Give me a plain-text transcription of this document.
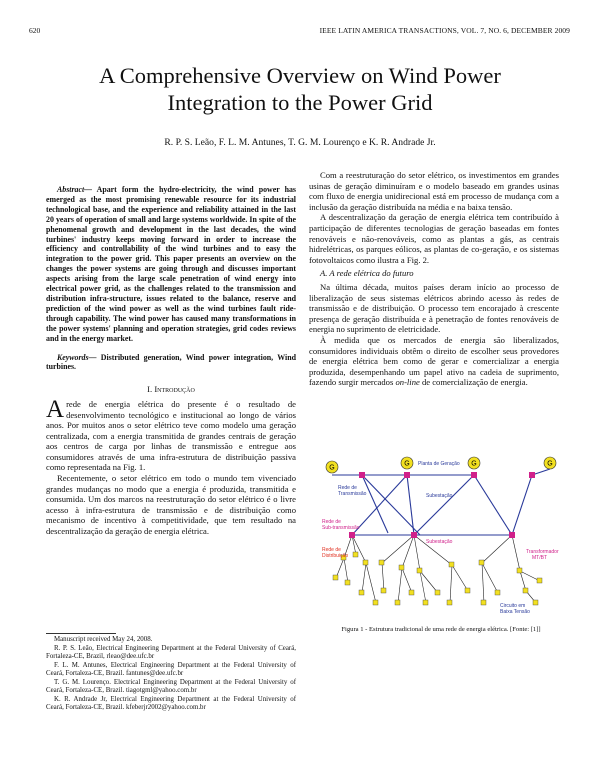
620	IEEE LATIN AMERICA TRANSACTIONS, VOL. 7, NO. 6, DECEMBER 2009
A Comprehensive Overview on Wind Power
Integration to the Power Grid
R. P. S. Leão, F. L. M. Antunes, T. G. M. Lourenço e K. R. Andrade Jr.

Abstract— Apart form the hydro-electricity, the wind power has emerged as the most promising renewable resource for its industrial technological base, and the experience and reliability attained in the last 20 years of operation of small and large systems worldwide. In spite of the phenomenal growth and development in the last decades, the wind turbines' industry keeps moving forward in order to increase the efficiency and controllability of the wind turbines and to easy the integration to the power grid. This paper presents an overview on the changes the power systems are going through and discusses important aspects arising from the large scale penetration of wind energy into electrical power grid, as the challenges related to the transmission and distribution infra-structure, issues related to the balance, reserve and prediction of the wind power as well as the wind turbines fault ride-through capability. The wind power has caused many transformations in the power systems' planning and operation strategies, grid codes reviews and in the energy market.

Keywords— Distributed generation, Wind power integration, Wind turbines.

I. Introdução

Arede de energia elétrica do presente é o resultado de desenvolvimento tecnológico e institucional ao longo de vários anos. Por muitos anos o setor elétrico teve como modelo uma geração centralizada, com a energia transmitida de grandes centrais de geração aos centros de carga por linhas de transmissão e entregue aos consumidores através de uma infra-estrutura de distribuição passiva como representada na Fig. 1.

Recentemente, o setor elétrico em todo o mundo tem vivenciado grandes mudanças no modo que a energia é produzida, transmitida e consumida. Um dos marcos na reestruturação do setor elétrico é o livre acesso à infra-estrutura de transmissão e de distribuição como mecanismo de incentivo à competitividade, que tem resultado na descentralização da geração de energia elétrica.

Manuscript received May 24, 2008.

R. P. S. Leão, Electrical Engineering Department at the Federal University of Ceará, Fortaleza-CE, Brazil, rleao@dee.ufc.br

F. L. M. Antunes, Electrical Engineering Department at the Federal University of Ceará, Fortaleza-CE, Brazil. fantunes@dee.ufc.br

T. G. M. Lourenço. Electrical Engineering Department at the Federal University of Ceará, Fortaleza-CE, Brazil. tiagotgml@yahoo.com.br

K. R. Andrade Jr, Electrical Engineering Department at the Federal University of Ceará, Fortaleza-CE, Brazil. kfeberjr2002@yahoo.com.br

Com a reestruturação do setor elétrico, os investimentos em grandes usinas de geração diminuíram e o modelo baseado em grandes usinas com fluxo de energia unidirecional está em processo de mudança com a inclusão da geração distribuída na média e na baixa tensão.

A descentralização da geração de energia elétrica tem contribuído à participação de diferentes tecnologias de geração baseadas em fontes renováveis e não-renováveis, como as plantas a gás, as centrais hidrelétricas, os parques eólicos, as plantas de co-geração, e os sistemas fotovoltaicos como ilustra a Fig. 2.

A. A rede elétrica do futuro

Na última década, muitos países deram início ao processo de liberalização de seus sistemas elétricos abrindo acesso às redes de transmissão e de distribuição. O processo tem encorajado à crescente presença de geração distribuída e à penetração de fontes renováveis de energia no suprimento de eletricidade.

À medida que os mercados de energia são liberalizados, consumidores individuais obtêm o direito de escolher seus provedores de energia elétrica bem como de gerar e comercializar a energia produzida, desempenhando um papel ativo na cadeia de suprimento, fazendo surgir mercados on-line de comercialização de energia.

G
G	G	G
Planta de Geração
Rede de Transmissão	Subestação
Rede de Sub-transmissão
Subestação
Rede de Distribuição
Transformador MT/BT
Circuito em Baixa Tensão
Figura 1 - Estrutura tradicional de uma rede de energia elétrica. [Fonte: [1]]
